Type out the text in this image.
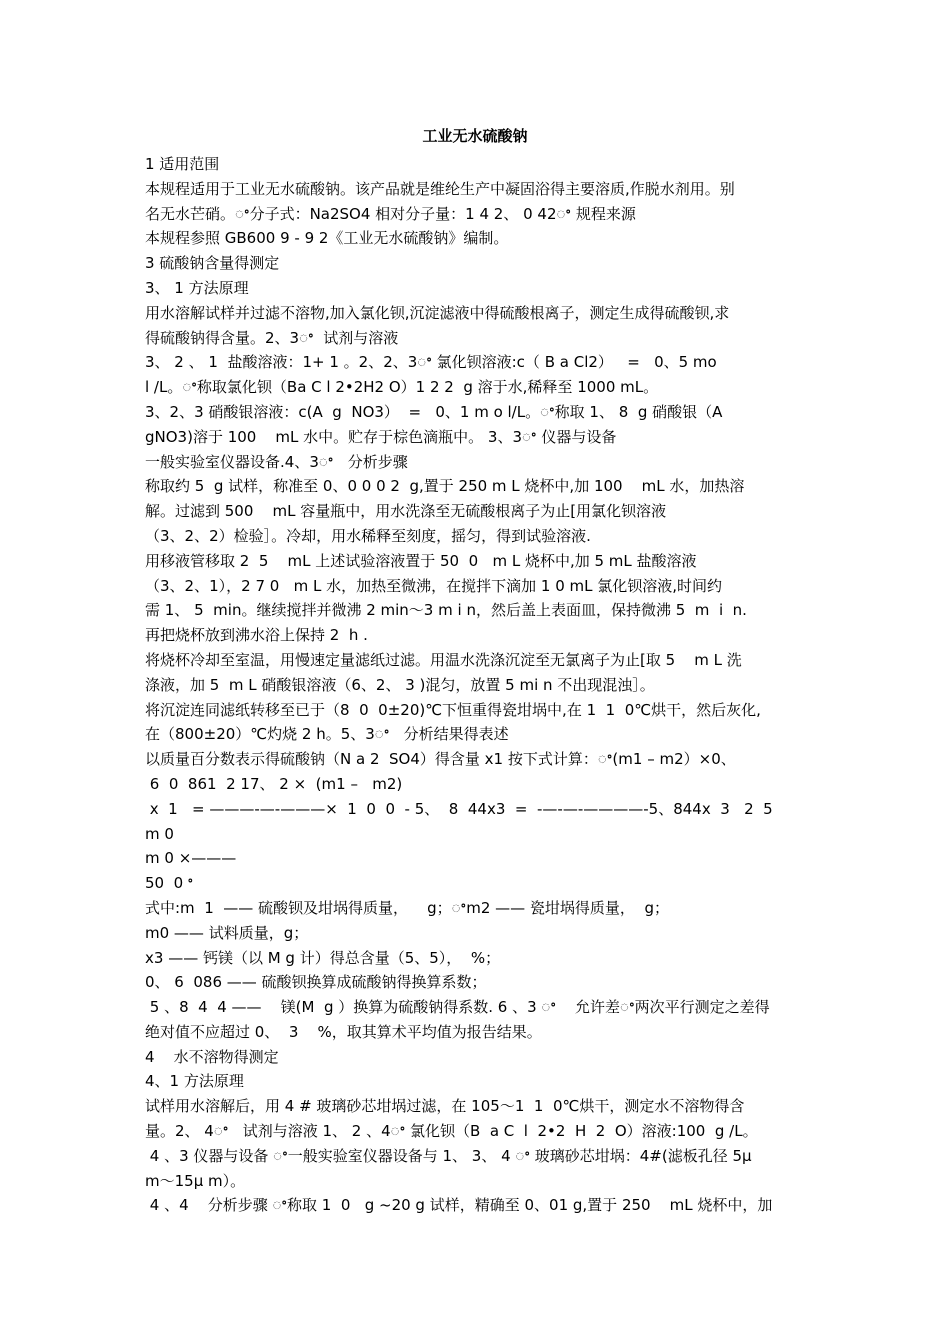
工业无水硫酸钠
1 适用范围
本规程适用于工业无水硫酸钠。该产品就是维纶生产中凝固浴得主要溶质,作脱水剂用。别
名无水芒硝。ꢀ分子式：Na2SO4 相对分子量：1 4 2、 0 42ꢀ 规程来源
本规程参照 GB600 9 - 9 2《工业无水硫酸钠》编制。
3 硫酸钠含量得测定
3、 1 方法原理
用水溶解试样并过滤不溶物,加入氯化钡,沉淀滤液中得硫酸根离子，测定生成得硫酸钡,求
得硫酸钠得含量。2、3ꢀ  试剂与溶液
3、 2 、 1  盐酸溶液：1+ 1 。2、2、3ꢀ 氯化钡溶液:c（ B a Cl2）   =   0、5 mo
l /L。ꢀ称取氯化钡（Ba C l 2•2H2 O）1 2 2  g 溶于水,稀释至 1000 mL。
3、2、3 硝酸银溶液：c(A  g  NO3）  =   0、1 m o l/L。ꢀ称取 1、 8  g 硝酸银（A
gNO3)溶于 100    mL 水中。贮存于棕色滴瓶中。 3、3ꢀ 仪器与设备
一般实验室仪器设备.4、3ꢀ   分析步骤
称取约 5  g 试样，称准至 0、0 0 0 2  g,置于 250 m L 烧杯中,加 100    mL 水，加热溶
解。过滤到 500    mL 容量瓶中，用水洗涤至无硫酸根离子为止[用氯化钡溶液
（3、2、2）检验］。冷却，用水稀释至刻度，摇匀，得到试验溶液.
用移液管移取 2  5    mL 上述试验溶液置于 50  0   m L 烧杯中,加 5 mL 盐酸溶液
（3、2、1），2 7 0   m L 水，加热至微沸，在搅拌下滴加 1 0 mL 氯化钡溶液,时间约
需 1、 5  min。继续搅拌并微沸 2 min～3 m i n，然后盖上表面皿，保持微沸 5  m  i  n.
再把烧杯放到沸水浴上保持 2  h .
将烧杯冷却至室温，用慢速定量滤纸过滤。用温水洗涤沉淀至无氯离子为止[取 5    m L 洗
涤液，加 5  m L 硝酸银溶液（6、2、 3 )混匀，放置 5 mi n 不出现混浊］。
将沉淀连同滤纸转移至已于（8  0  0±20)℃下恒重得瓷坩埚中,在 1  1  0℃烘干，然后灰化,
在（800±20）℃灼烧 2 h。5、3ꢀ   分析结果得表述
以质量百分数表示得硫酸钠（N a 2  SO4）得含量 x1 按下式计算：ꢀ(m1 – m2）×0、
6  0  861  2 17、 2 ×  (m1 –   m2)
x  1   = ———-—-———×  1  0  0  - 5、  8  44x3  =  -—-—-————-5、844x  3   2  5
m 0
m 0 ×———
50  0 ꢀ
式中:m  1  —— 硫酸钡及坩埚得质量，    g；ꢀm2 —— 瓷坩埚得质量，  g；
m0 —— 试料质量，g；
x3 —— 钙镁（以 M g 计）得总含量（5、5），  %；
0、 6  086 —— 硫酸钡换算成硫酸钠得换算系数；
5 、8  4  4 ——    镁(M  g ）换算为硫酸钠得系数. 6 、3 ꢀ    允许差ꢀ两次平行测定之差得
绝对值不应超过 0、  3    %，取其算术平均值为报告结果。
4    水不溶物得测定
4、1 方法原理
试样用水溶解后，用 4 # 玻璃砂芯坩埚过滤，在 105～1  1  0℃烘干，测定水不溶物得含
量。2、 4ꢀ   试剂与溶液 1、 2 、4ꢀ 氯化钡（B  a C  l  2•2  H  2  O）溶液:100  g /L。
4 、3 仪器与设备 ꢀ一般实验室仪器设备与 1、 3、 4 ꢀ 玻璃砂芯坩埚：4#(滤板孔径 5μ
m～15μ m）。
4 、4    分析步骤 ꢀ称取 1  0   g ~20 g 试样，精确至 0、01 g,置于 250    mL 烧杯中，加
